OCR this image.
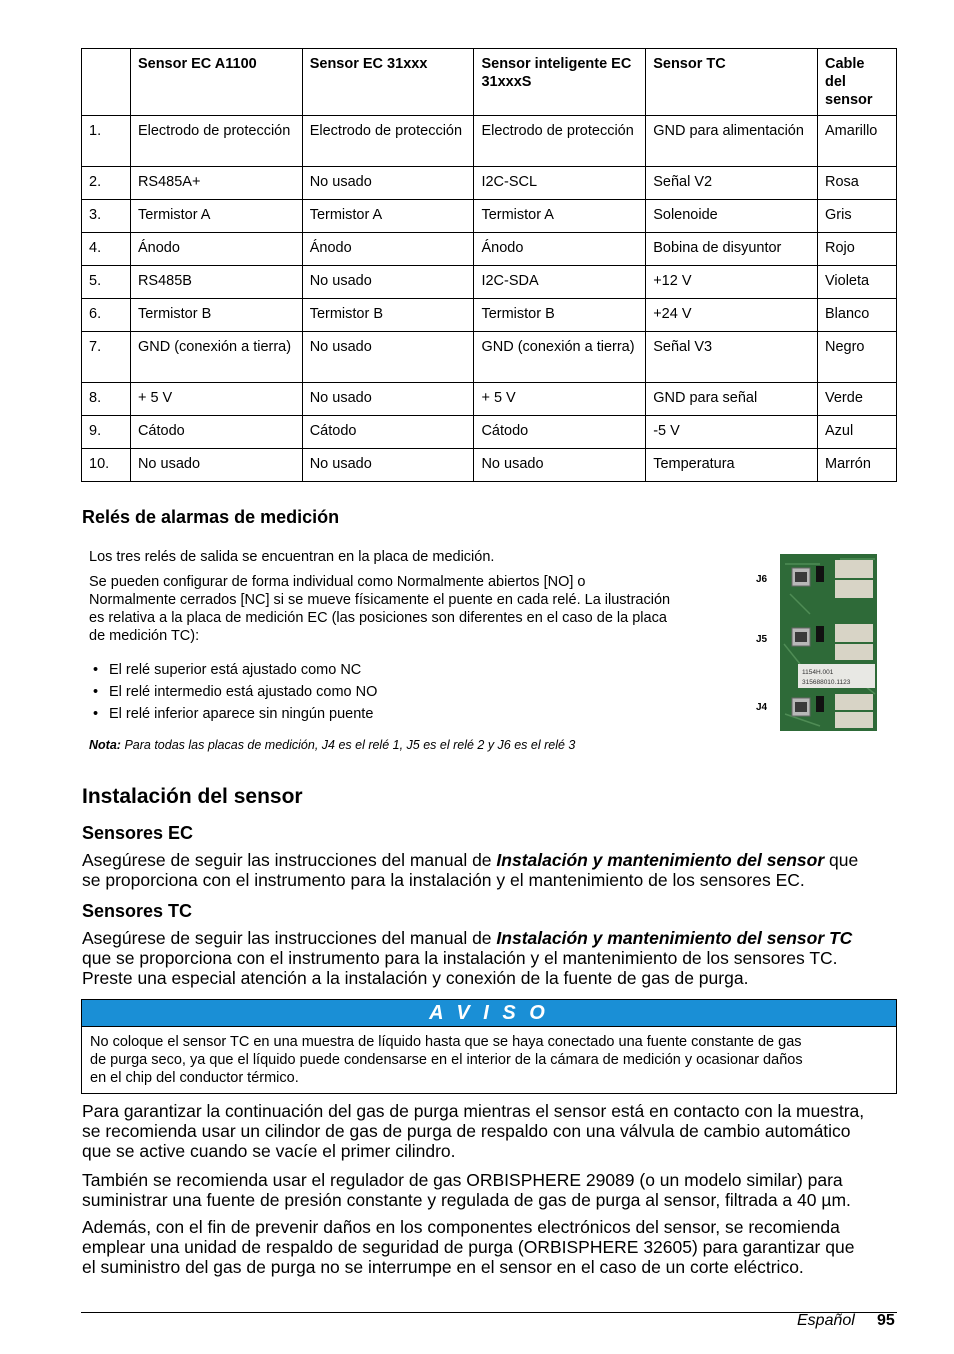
	Sensor EC A1100	Sensor EC 31xxx	Sensor inteligente EC 31xxxS	Sensor TC	Cable del sensor
1.	Electrodo de protección	Electrodo de protección	Electrodo de protección	GND para alimentación	Amarillo
2.	RS485A+	No usado	I2C-SCL	Señal V2	Rosa
3.	Termistor A	Termistor A	Termistor A	Solenoide	Gris
4.	Ánodo	Ánodo	Ánodo	Bobina de disyuntor	Rojo
5.	RS485B	No usado	I2C-SDA	+12 V	Violeta
6.	Termistor B	Termistor B	Termistor B	+24 V	Blanco
7.	GND (conexión a tierra)	No usado	GND (conexión a tierra)	Señal V3	Negro
8.	+ 5 V	No usado	+ 5 V	GND para señal	Verde
9.	Cátodo	Cátodo	Cátodo	-5 V	Azul
10.	No usado	No usado	No usado	Temperatura	Marrón
Relés de alarmas de medición
Los tres relés de salida se encuentran en la placa de medición.
Se pueden configurar de forma individual como Normalmente abiertos [NO] o
Normalmente cerrados [NC] si se mueve físicamente el puente en cada relé. La ilustración
es relativa a la placa de medición EC (las posiciones son diferentes en el caso de la placa
de medición TC):
• El relé superior está ajustado como NC
• El relé intermedio está ajustado como NO
• El relé inferior aparece sin ningún puente
Nota: Para todas las placas de medición, J4 es el relé 1, J5 es el relé 2 y J6 es el relé 3
J6
J5
J4
1154H.001
315688010.1123
Instalación del sensor
Sensores EC
Asegúrese de seguir las instrucciones del manual de Instalación y mantenimiento del sensor que
se proporciona con el instrumento para la instalación y el mantenimiento de los sensores EC.
Sensores TC
Asegúrese de seguir las instrucciones del manual de Instalación y mantenimiento del sensor TC
que se proporciona con el instrumento para la instalación y el mantenimiento de los sensores TC.
Preste una especial atención a la instalación y conexión de la fuente de gas de purga.
A V I S O
No coloque el sensor TC en una muestra de líquido hasta que se haya conectado una fuente constante de gas
de purga seco, ya que el líquido puede condensarse en el interior de la cámara de medición y ocasionar daños
en el chip del conductor térmico.
Para garantizar la continuación del gas de purga mientras el sensor está en contacto con la muestra,
se recomienda usar un cilindor de gas de purga de respaldo con una válvula de cambio automático
que se active cuando se vacíe el primer cilindro.
También se recomienda usar el regulador de gas ORBISPHERE 29089 (o un modelo similar) para
suministrar una fuente de presión constante y regulada de gas de purga al sensor, filtrada a 40 µm.
Además, con el fin de prevenir daños en los componentes electrónicos del sensor, se recomienda
emplear una unidad de respaldo de seguridad de purga (ORBISPHERE 32605) para garantizar que
el suministro del gas de purga no se interrumpe en el sensor en el caso de un corte eléctrico.
Español 95
